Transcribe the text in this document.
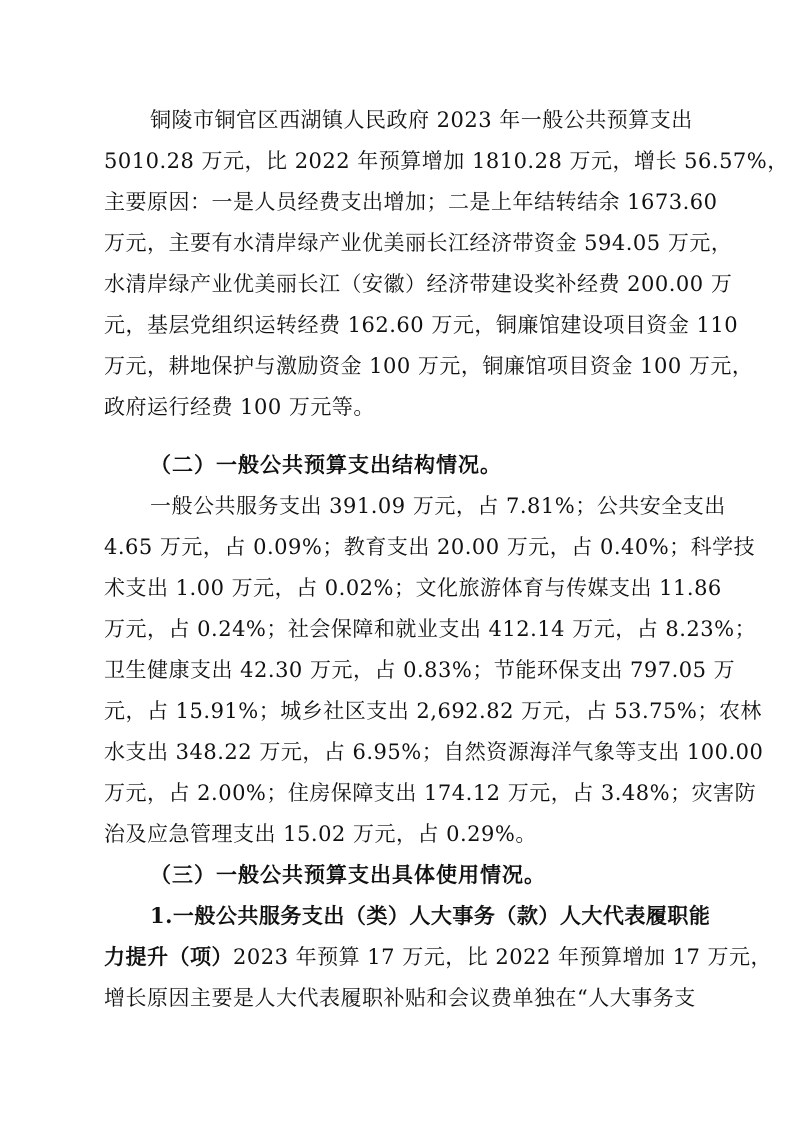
铜陵市铜官区西湖镇人民政府 2023 年一般公共预算支出
5010.28 万元，比 2022 年预算增加 1810.28 万元，增长 56.57%，
主要原因：一是人员经费支出增加；二是上年结转结余 1673.60
万元，主要有水清岸绿产业优美丽长江经济带资金 594.05 万元，
水清岸绿产业优美丽长江（安徽）经济带建设奖补经费 200.00 万
元，基层党组织运转经费 162.60 万元，铜廉馆建设项目资金 110
万元，耕地保护与激励资金 100 万元，铜廉馆项目资金 100 万元，
政府运行经费 100 万元等。
（二）一般公共预算支出结构情况。
一般公共服务支出 391.09 万元，占 7.81%；公共安全支出
4.65 万元，占 0.09%；教育支出 20.00 万元，占 0.40%；科学技
术支出 1.00 万元，占 0.02%；文化旅游体育与传媒支出 11.86
万元，占 0.24%；社会保障和就业支出 412.14 万元，占 8.23%；
卫生健康支出 42.30 万元，占 0.83%；节能环保支出 797.05 万
元，占 15.91%；城乡社区支出 2,692.82 万元，占 53.75%；农林
水支出 348.22 万元，占 6.95%；自然资源海洋气象等支出 100.00
万元，占 2.00%；住房保障支出 174.12 万元，占 3.48%；灾害防
治及应急管理支出 15.02 万元，占 0.29%。
（三）一般公共预算支出具体使用情况。
1.一般公共服务支出（类）人大事务（款）人大代表履职能
力提升（项）2023 年预算 17 万元，比 2022 年预算增加 17 万元，
增长原因主要是人大代表履职补贴和会议费单独在“人大事务支
